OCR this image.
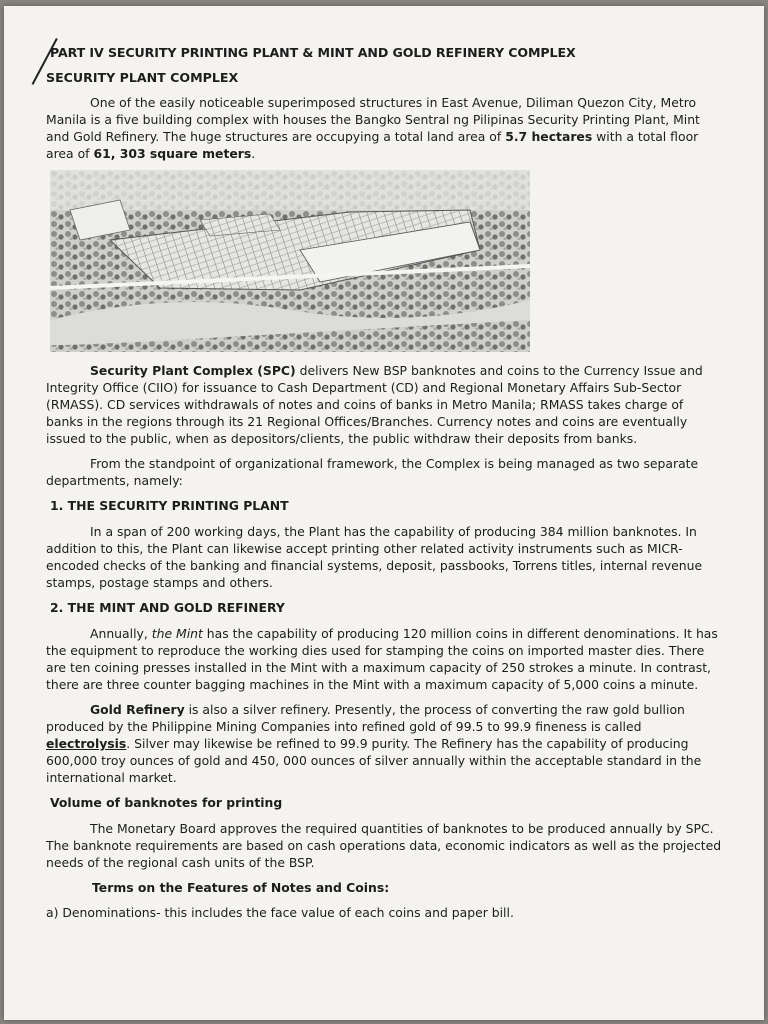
PART IV SECURITY PRINTING PLANT & MINT AND GOLD REFINERY COMPLEX
SECURITY PLANT COMPLEX

One of the easily noticeable superimposed structures in East Avenue, Diliman Quezon City, Metro Manila is a five building complex with houses the Bangko Sentral ng Pilipinas Security Printing Plant, Mint and Gold Refinery. The huge structures are occupying a total land area of 5.7 hectares with a total floor area of 61, 303 square meters.

Security Plant Complex (SPC) delivers New BSP banknotes and coins to the Currency Issue and Integrity Office (CIIO) for issuance to Cash Department (CD) and Regional Monetary Affairs Sub-Sector (RMASS). CD services withdrawals of notes and coins of banks in Metro Manila; RMASS takes charge of banks in the regions through its 21 Regional Offices/Branches. Currency notes and coins are eventually issued to the public, when as depositors/clients, the public withdraw their deposits from banks.

From the standpoint of organizational framework, the Complex is being managed as two separate departments, namely:

1. THE SECURITY PRINTING PLANT

In a span of 200 working days, the Plant has the capability of producing 384 million banknotes. In addition to this, the Plant can likewise accept printing other related activity instruments such as MICR-encoded checks of the banking and financial systems, deposit, passbooks, Torrens titles, internal revenue stamps, postage stamps and others.

2. THE MINT AND GOLD REFINERY

Annually, the Mint has the capability of producing 120 million coins in different denominations. It has the equipment to reproduce the working dies used for stamping the coins on imported master dies. There are ten coining presses installed in the Mint with a maximum capacity of 250 strokes a minute. In contrast, there are three counter bagging machines in the Mint with a maximum capacity of 5,000 coins a minute.

Gold Refinery is also a silver refinery. Presently, the process of converting the raw gold bullion produced by the Philippine Mining Companies into refined gold of 99.5 to 99.9 fineness is called electrolysis. Silver may likewise be refined to 99.9 purity. The Refinery has the capability of producing 600,000 troy ounces of gold and 450, 000 ounces of silver annually within the acceptable standard in the international market.

Volume of banknotes for printing

The Monetary Board approves the required quantities of banknotes to be produced annually by SPC. The banknote requirements are based on cash operations data, economic indicators as well as the projected needs of the regional cash units of the BSP.

Terms on the Features of Notes and Coins:

a) Denominations- this includes the face value of each coins and paper bill.
